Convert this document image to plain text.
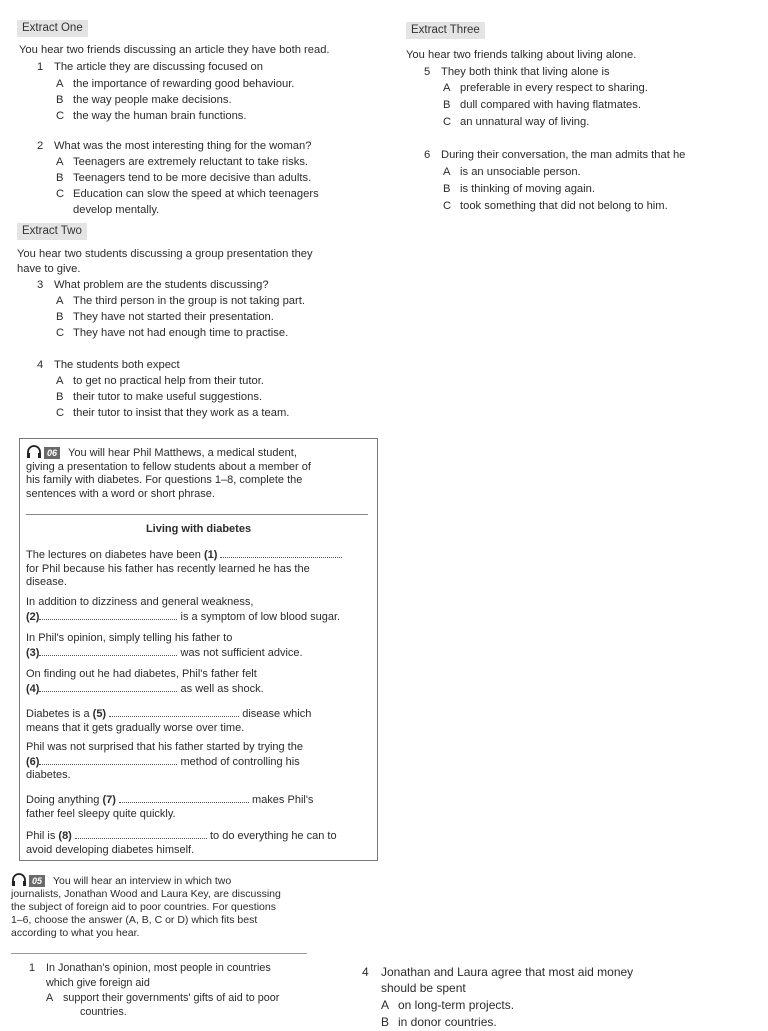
Extract One
You hear two friends discussing an article they have both read.
1 The article they are discussing focused on
A the importance of rewarding good behaviour.
B the way people make decisions.
C the way the human brain functions.
2 What was the most interesting thing for the woman?
A Teenagers are extremely reluctant to take risks.
B Teenagers tend to be more decisive than adults.
C Education can slow the speed at which teenagers
develop mentally.
Extract Two
You hear two students discussing a group presentation they
have to give.
3 What problem are the students discussing?
A The third person in the group is not taking part.
B They have not started their presentation.
C They have not had enough time to practise.
4 The students both expect
A to get no practical help from their tutor.
B their tutor to make useful suggestions.
C their tutor to insist that they work as a team.
Extract Three
You hear two friends talking about living alone.
5 They both think that living alone is
A preferable in every respect to sharing.
B dull compared with having flatmates.
C an unnatural way of living.
6 During their conversation, the man admits that he
A is an unsociable person.
B is thinking of moving again.
C took something that did not belong to him.
06 You will hear Phil Matthews, a medical student,
giving a presentation to fellow students about a member of
his family with diabetes. For questions 1–8, complete the
sentences with a word or short phrase.
Living with diabetes
The lectures on diabetes have been (1)
for Phil because his father has recently learned he has the
disease.
In addition to dizziness and general weakness,
(2)	is a symptom of low blood sugar.
In Phil's opinion, simply telling his father to
(3)	was not sufficient advice.
On finding out he had diabetes, Phil's father felt
(4)	as well as shock.
Diabetes is a (5)	disease which
means that it gets gradually worse over time.
Phil was not surprised that his father started by trying the
(6)	method of controlling his
diabetes.
Doing anything (7)	makes Phil's
father feel sleepy quite quickly.
Phil is (8)	to do everything he can to
avoid developing diabetes himself.
05 You will hear an interview in which two
journalists, Jonathan Wood and Laura Key, are discussing
the subject of foreign aid to poor countries. For questions
1–6, choose the answer (A, B, C or D) which fits best
according to what you hear.
1 In Jonathan's opinion, most people in countries
which give foreign aid
A support their governments' gifts of aid to poor
countries.
4 Jonathan and Laura agree that most aid money
should be spent
A on long-term projects.
B in donor countries.
